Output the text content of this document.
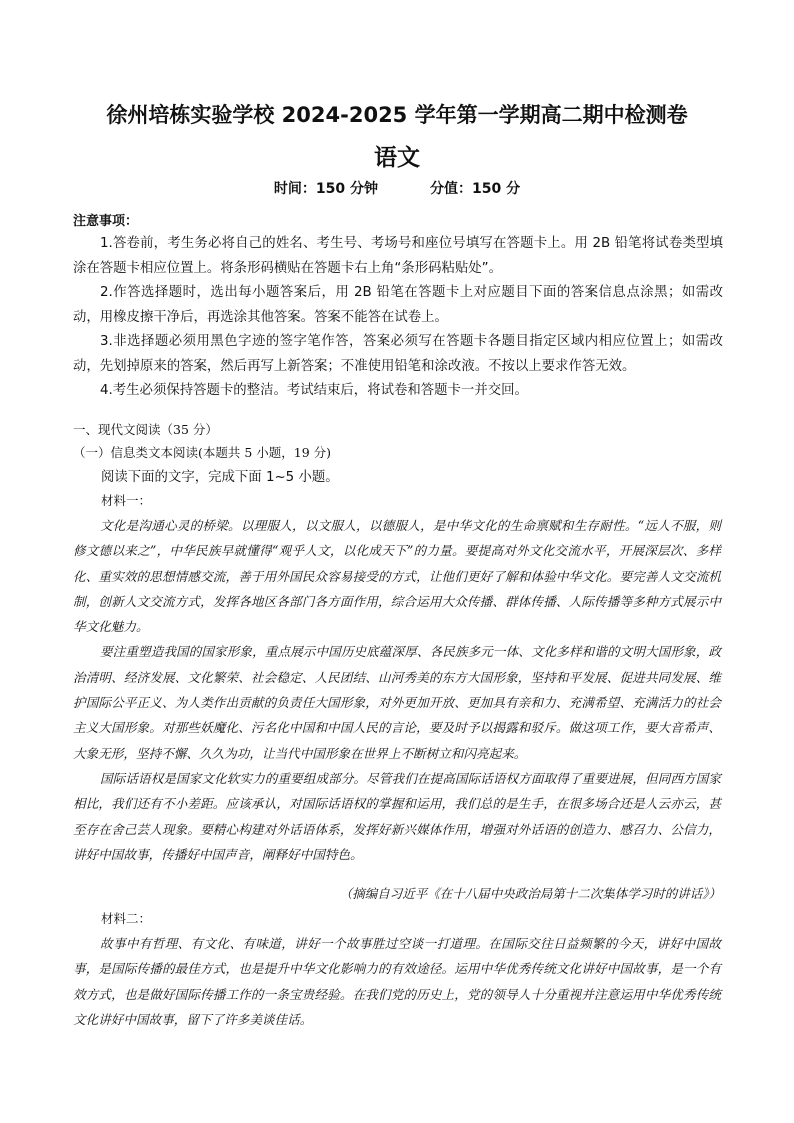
徐州培栋实验学校 2024-2025 学年第一学期高二期中检测卷
语文
时间：150 分钟	分值：150 分
注意事项：

1.答卷前，考生务必将自己的姓名、考生号、考场号和座位号填写在答题卡上。用 2B 铅笔将试卷类型填涂在答题卡相应位置上。将条形码横贴在答题卡右上角“条形码粘贴处”。

2.作答选择题时，选出每小题答案后，用 2B 铅笔在答题卡上对应题目下面的答案信息点涂黑；如需改动，用橡皮擦干净后，再选涂其他答案。答案不能答在试卷上。

3.非选择题必须用黑色字迹的签字笔作答，答案必须写在答题卡各题目指定区域内相应位置上；如需改动，先划掉原来的答案，然后再写上新答案；不准使用铅笔和涂改液。不按以上要求作答无效。

4.考生必须保持答题卡的整洁。考试结束后，将试卷和答题卡一并交回。

一、现代文阅读（35 分）
（一）信息类文本阅读(本题共 5 小题，19 分)
阅读下面的文字，完成下面 1~5 小题。
材料一：

文化是沟通心灵的桥梁。以理服人，以文服人，以德服人，是中华文化的生命禀赋和生存耐性。“远人不服，则修文德以来之”，中华民族早就懂得“观乎人文，以化成天下”的力量。要提高对外文化交流水平，开展深层次、多样化、重实效的思想情感交流，善于用外国民众容易接受的方式，让他们更好了解和体验中华文化。要完善人文交流机制，创新人文交流方式，发挥各地区各部门各方面作用，综合运用大众传播、群体传播、人际传播等多种方式展示中华文化魅力。

要注重塑造我国的国家形象，重点展示中国历史底蕴深厚、各民族多元一体、文化多样和谐的文明大国形象，政治清明、经济发展、文化繁荣、社会稳定、人民团结、山河秀美的东方大国形象，坚持和平发展、促进共同发展、维护国际公平正义、为人类作出贡献的负责任大国形象，对外更加开放、更加具有亲和力、充满希望、充满活力的社会主义大国形象。对那些妖魔化、污名化中国和中国人民的言论，要及时予以揭露和驳斥。做这项工作，要大音希声、大象无形，坚持不懈、久久为功，让当代中国形象在世界上不断树立和闪亮起来。

国际话语权是国家文化软实力的重要组成部分。尽管我们在提高国际话语权方面取得了重要进展，但同西方国家相比，我们还有不小差距。应该承认，对国际话语权的掌握和运用，我们总的是生手，在很多场合还是人云亦云，甚至存在舍己芸人现象。要精心构建对外话语体系，发挥好新兴媒体作用，增强对外话语的创造力、感召力、公信力，讲好中国故事，传播好中国声音，阐释好中国特色。

（摘编自习近平《在十八届中央政治局第十二次集体学习时的讲话》）
材料二：

故事中有哲理、有文化、有味道，讲好一个故事胜过空谈一打道理。在国际交往日益频繁的今天，讲好中国故事，是国际传播的最佳方式，也是提升中华文化影响力的有效途径。运用中华优秀传统文化讲好中国故事，是一个有效方式，也是做好国际传播工作的一条宝贵经验。在我们党的历史上，党的领导人十分重视并注意运用中华优秀传统文化讲好中国故事，留下了许多美谈佳话。
